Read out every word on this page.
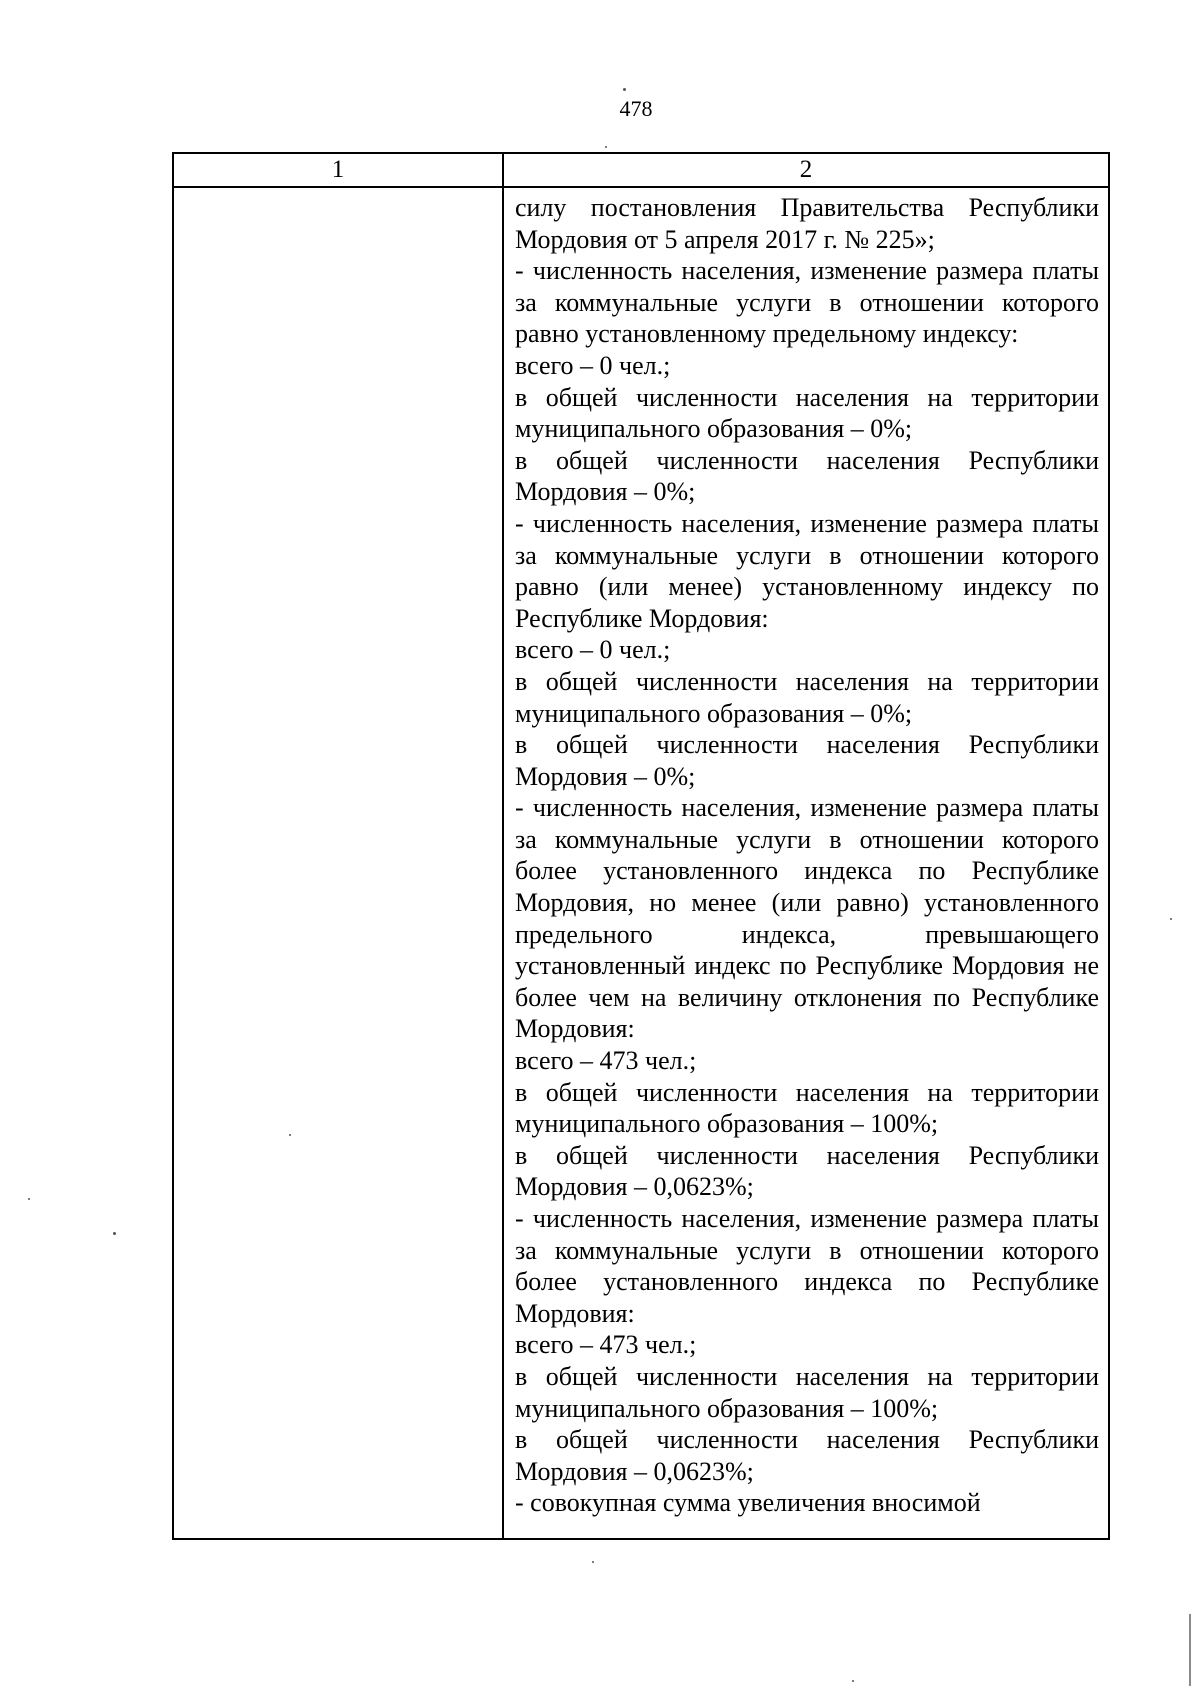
478
1	2

силу постановления Правительства Республики Мордовия от 5 апреля 2017 г. № 225»;

- численность населения, изменение размера платы за коммунальные услуги в отношении которого равно установленному предельному индексу:

всего – 0 чел.;

в общей численности населения на территории муниципального образования – 0%;

в общей численности населения Республики Мордовия – 0%;

- численность населения, изменение размера платы за коммунальные услуги в отношении которого равно (или менее) установленному индексу по Республике Мордовия:

всего – 0 чел.;

в общей численности населения на территории муниципального образования – 0%;

в общей численности населения Республики Мордовия – 0%;

- численность населения, изменение размера платы за коммунальные услуги в отношении которого более установленного индекса по Республике Мордовия, но менее (или равно) установленного предельного индекса, превышающего установленный индекс по Республике Мордовия не более чем на величину отклонения по Республике Мордовия:

всего – 473 чел.;

в общей численности населения на территории муниципального образования – 100%;

в общей численности населения Республики Мордовия – 0,0623%;

- численность населения, изменение размера платы за коммунальные услуги в отношении которого более установленного индекса по Республике Мордовия:

всего – 473 чел.;

в общей численности населения на территории муниципального образования – 100%;

в общей численности населения Республики Мордовия – 0,0623%;

- совокупная сумма увеличения вносимой
